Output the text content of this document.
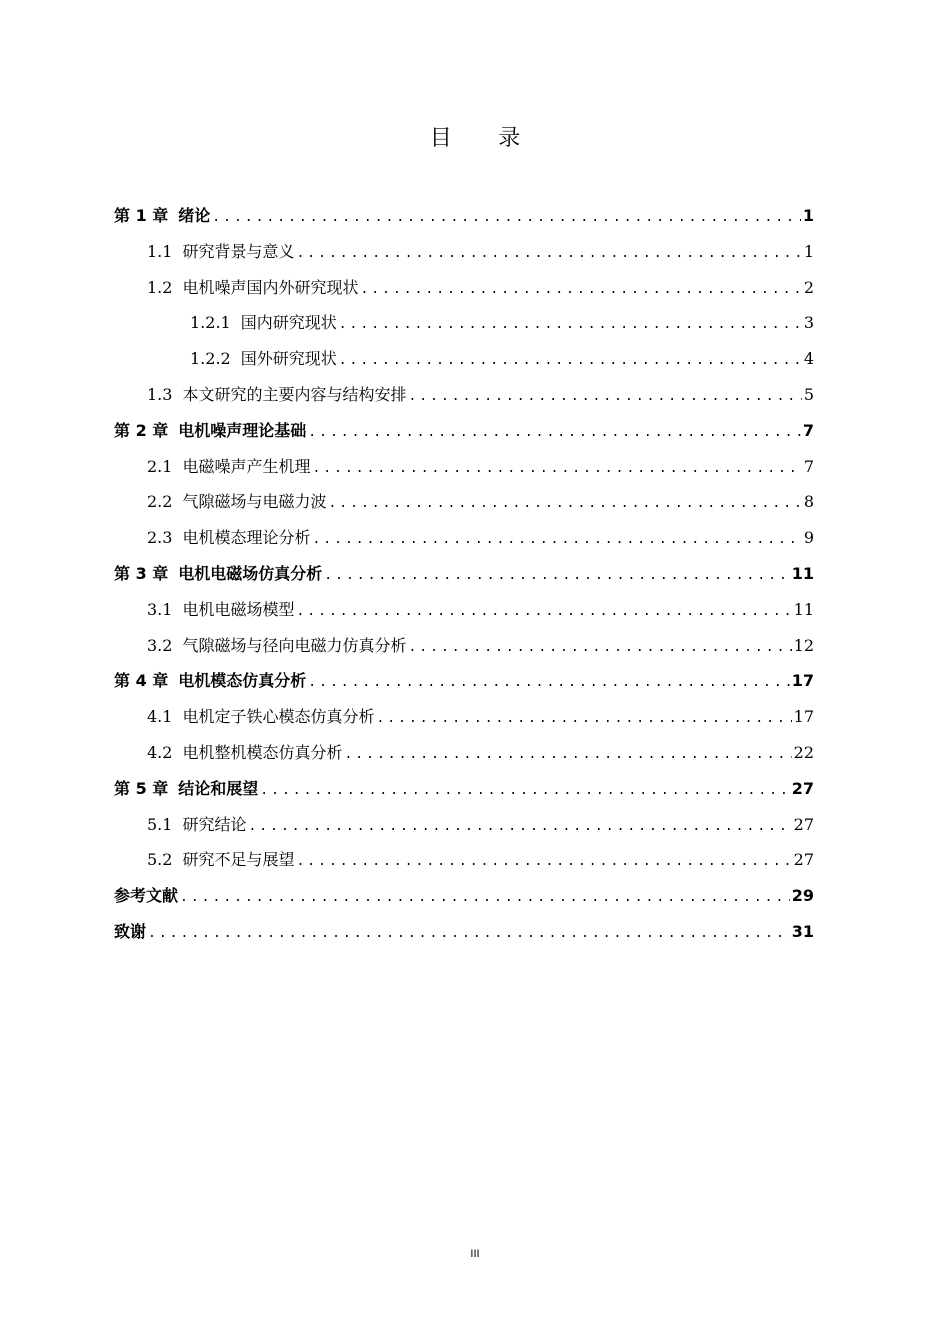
目 录
第 1 章 绪论 .....	1
1.1 研究背景与意义 .....	1
1.2 电机噪声国内外研究现状 .....	2
1.2.1 国内研究现状 .....	3
1.2.2 国外研究现状 .....	4
1.3 本文研究的主要内容与结构安排 .....	5
第 2 章 电机噪声理论基础 .....	7
2.1 电磁噪声产生机理 .....	7
2.2 气隙磁场与电磁力波 .....	8
2.3 电机模态理论分析 .....	9
第 3 章 电机电磁场仿真分析 .....	11
3.1 电机电磁场模型 .....	11
3.2 气隙磁场与径向电磁力仿真分析 .....	12
第 4 章 电机模态仿真分析 .....	17
4.1 电机定子铁心模态仿真分析 .....	17
4.2 电机整机模态仿真分析 .....	22
第 5 章 结论和展望 .....	27
5.1 研究结论 .....	27
5.2 研究不足与展望 .....	27
参考文献 .....	29
致谢 .....	31
III
